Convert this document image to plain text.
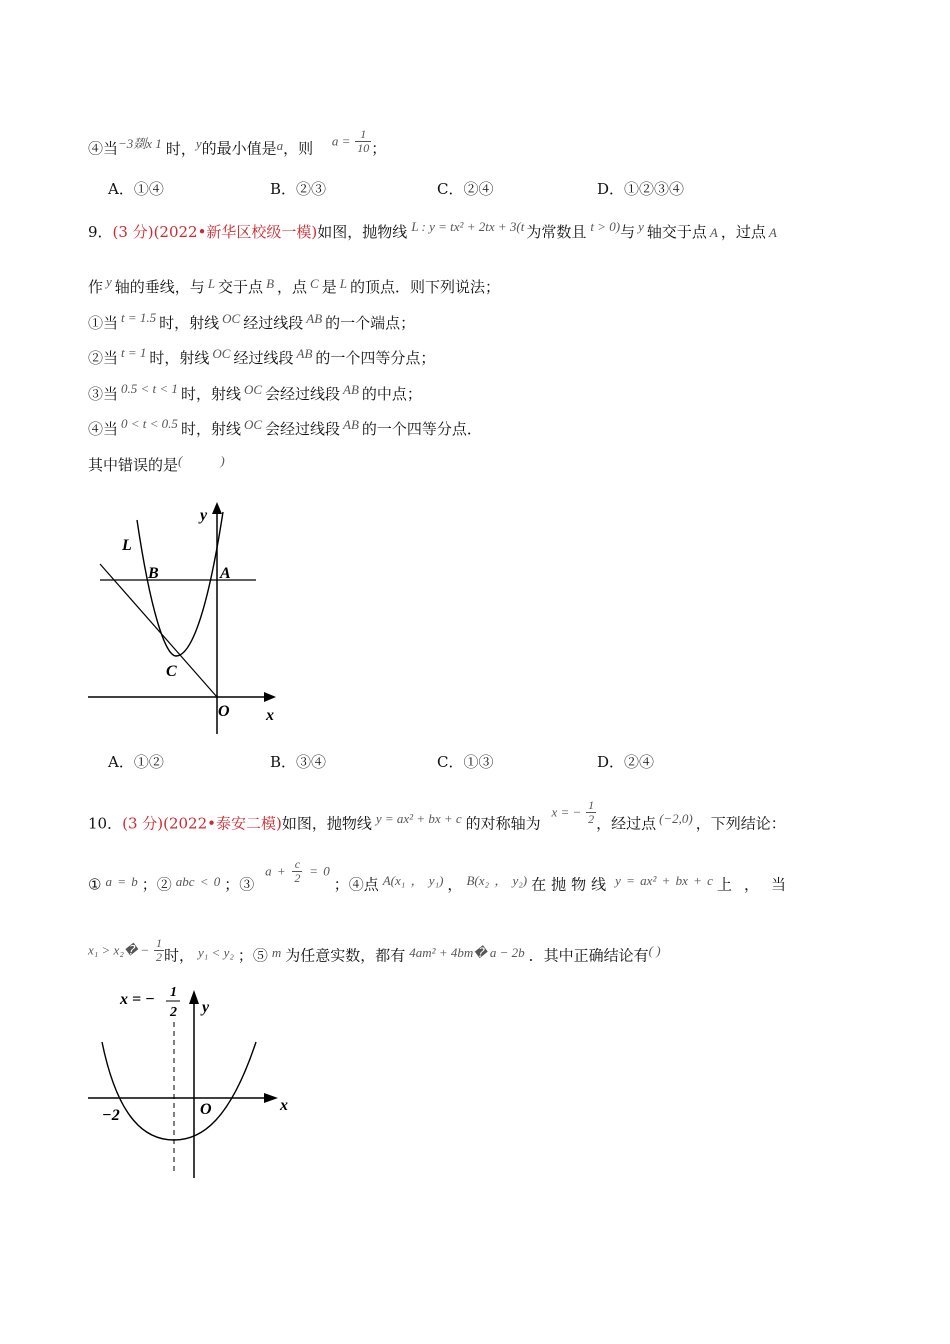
④当−3剟x 1 时，y的最小值是a，则 $a = \frac{1}{10}$ ；
A．①④	B．②③	C．②④	D．①②③④
9．(3 分)(2022•新华区校级一模)如图，抛物线 L : y = tx² + 2tx + 3(t 为常数且 t > 0)与 y 轴交于点 A ，过点 A
作 y 轴的垂线，与 L 交于点 B ，点 C 是 L 的顶点．则下列说法；
①当 t = 1.5 时，射线 OC 经过线段 AB 的一个端点；
②当 t = 1 时，射线 OC 经过线段 AB 的一个四等分点；
③当 0.5 < t < 1 时，射线 OC 会经过线段 AB 的中点；
④当 0 < t < 0.5 时，射线 OC 会经过线段 AB 的一个四等分点．
其中错误的是(	)
L
B	A
C
O x
y
A．①②	B．③④	C．①③	D．②④
10．(3 分)(2022•泰安二模)如图，抛物线 y = ax² + bx + c 的对称轴为 x = − $\frac{1}{2}$ ，经过点 (−2,0) ，下列结论：
① a = b ；② abc < 0 ；③ $a + \frac{c}{2} = 0$；④点 A(x₁ ， y₁) ， B(x₂ ， y₂) 在抛物线 y = ax² + bx + c 上，当
x₁ > x₂� − $\frac{1}{2}$ 时， y₁ < y₂ ；⑤ m 为任意实数，都有 4am² + 4bm� a − 2b ．其中正确结论有( )
x = − 1
2 y
x
O
−2
